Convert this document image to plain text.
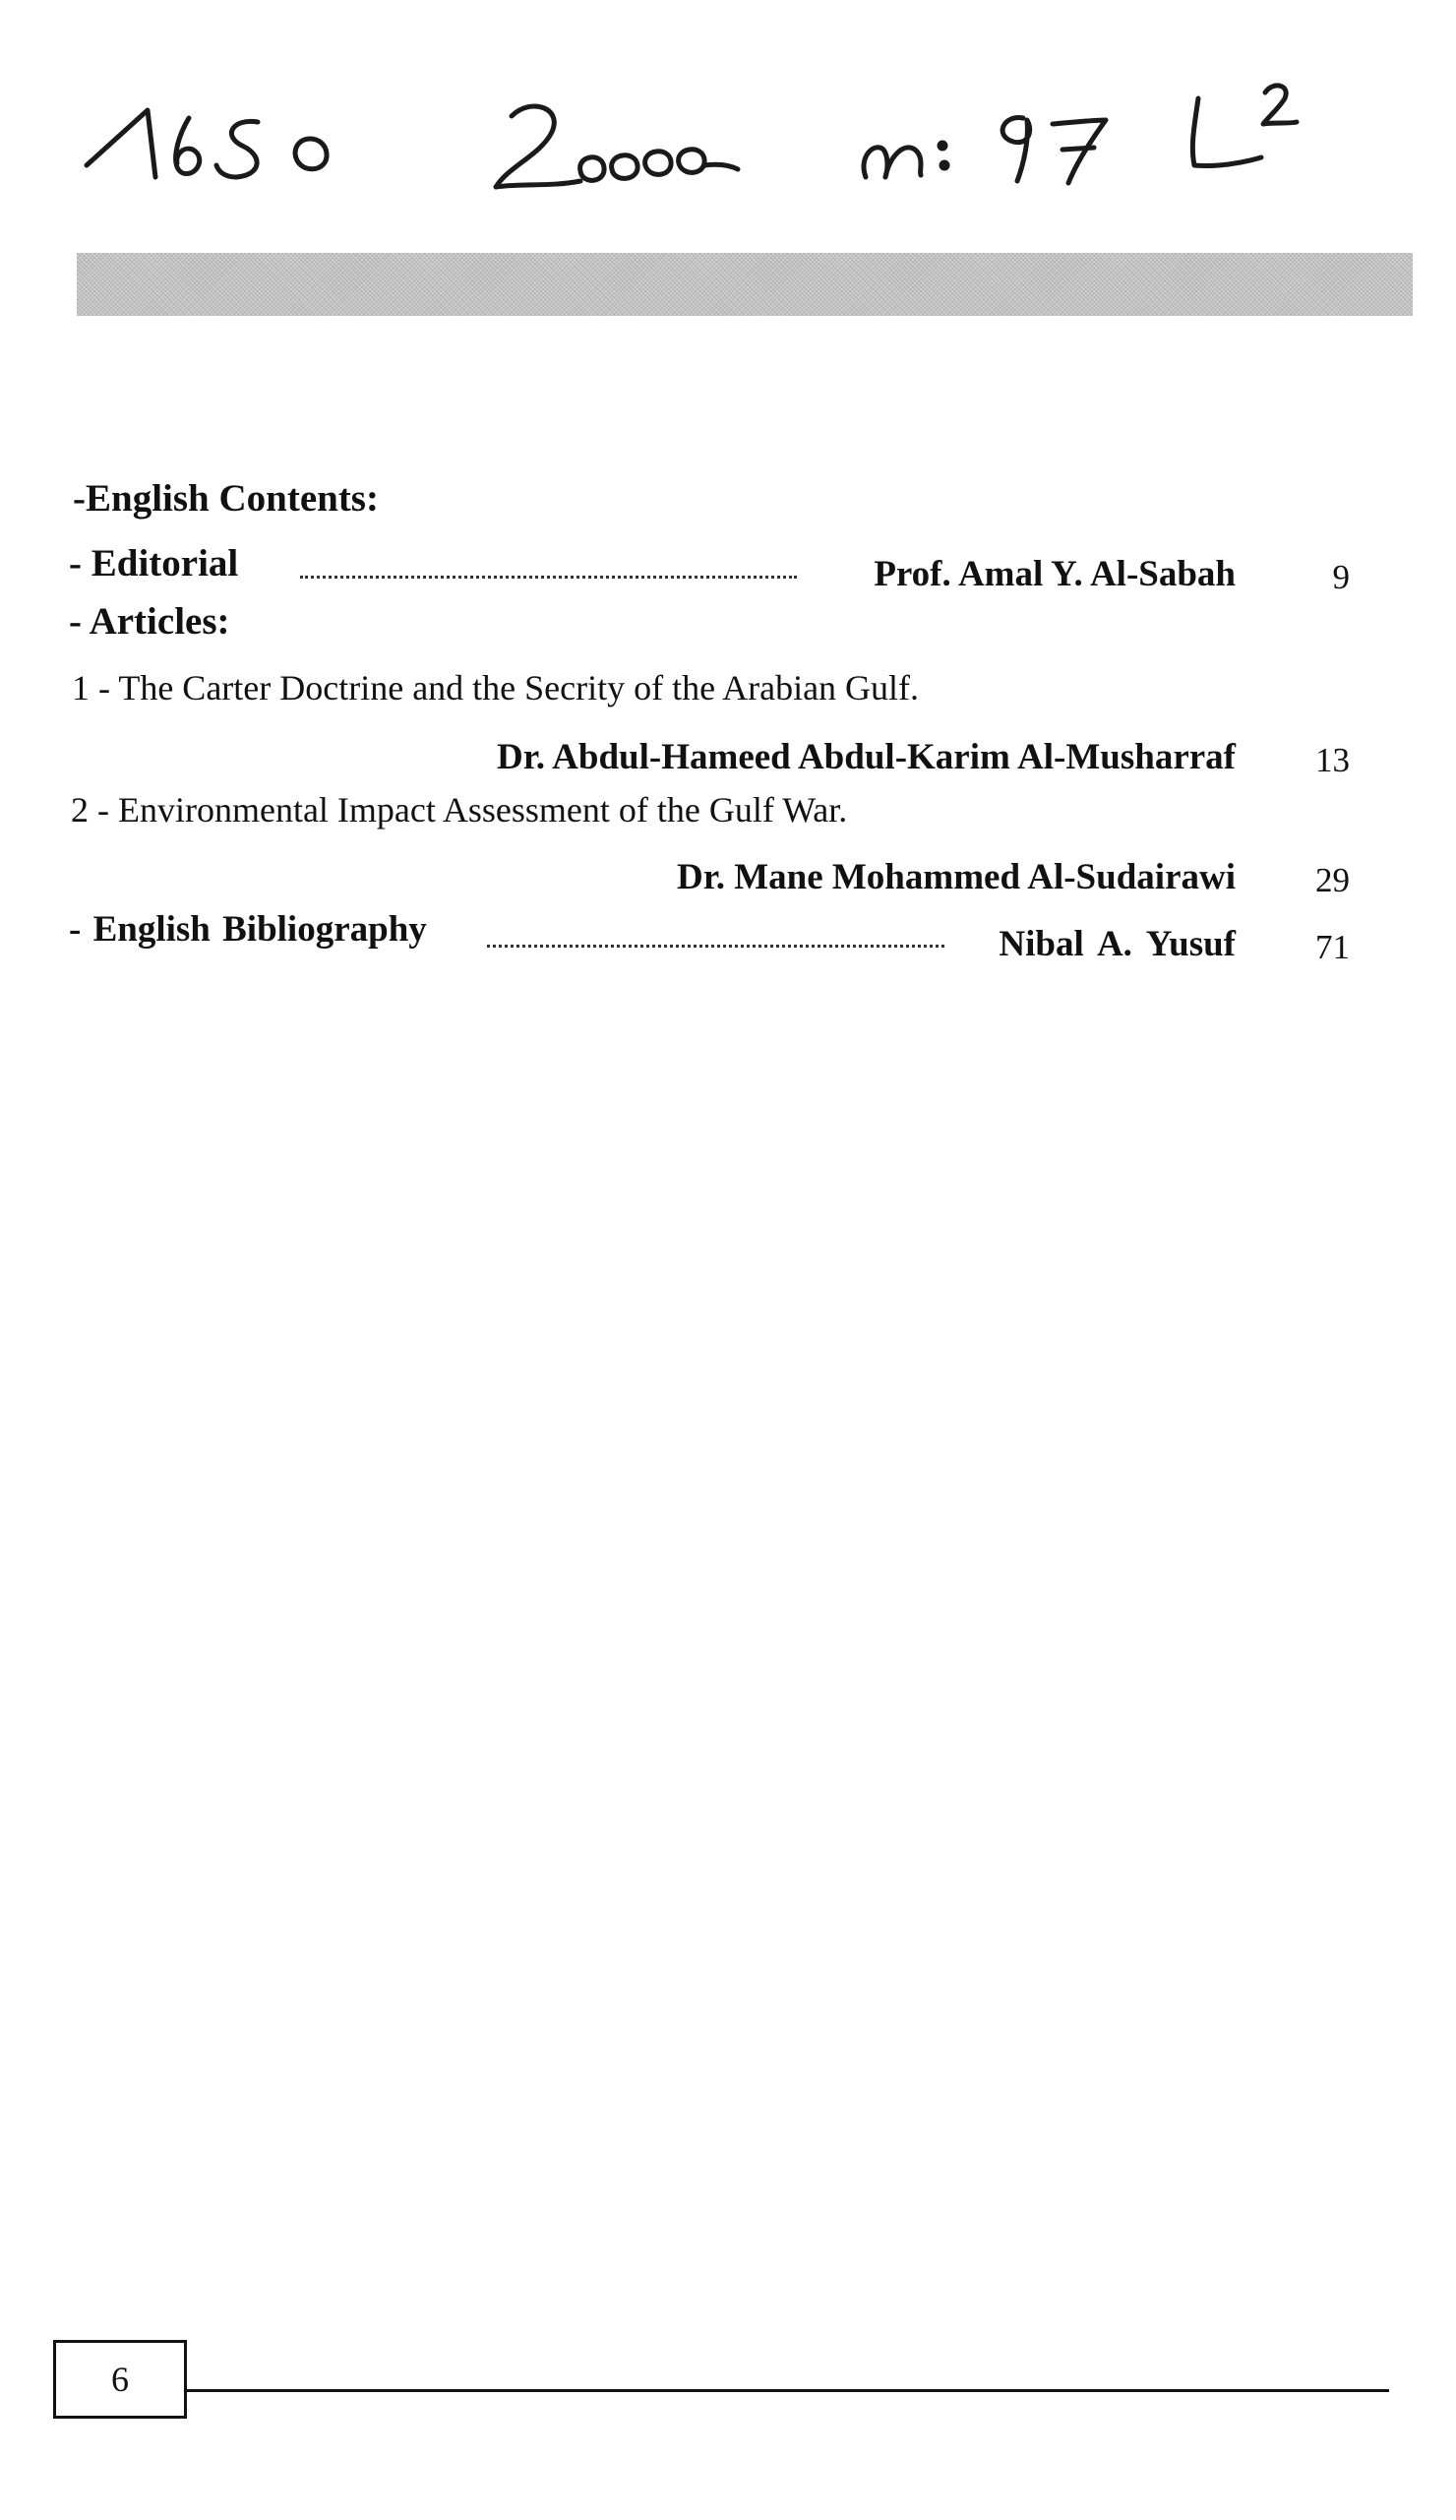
-English Contents:
- Editorial	Prof. Amal Y. Al-Sabah	9
- Articles:
1 - The Carter Doctrine and the Secrity of the Arabian Gulf.
Dr. Abdul-Hameed Abdul-Karim Al-Musharraf 13
2 - Environmental Impact Assessment of the Gulf War.
Dr. Mane Mohammed Al-Sudairawi 29
- English Bibliography	Nibal A. Yusuf 71
6
